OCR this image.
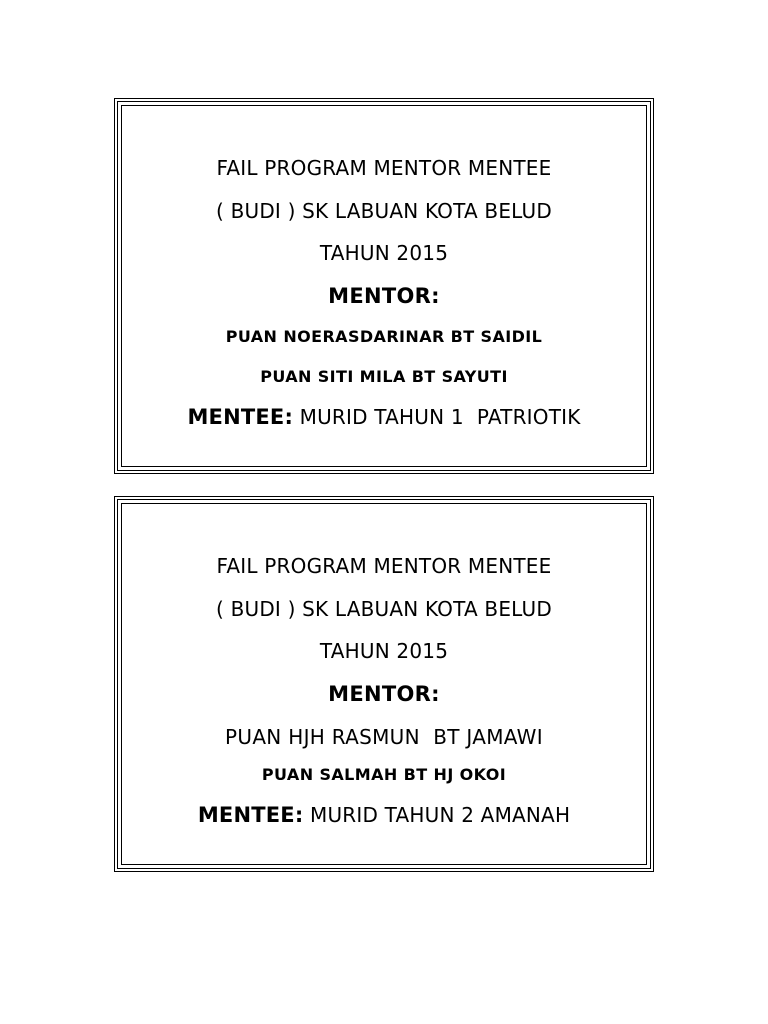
FAIL PROGRAM MENTOR MENTEE
( BUDI ) SK LABUAN KOTA BELUD
TAHUN 2015
MENTOR:
PUAN NOERASDARINAR BT SAIDIL
PUAN SITI MILA BT SAYUTI
MENTEE: MURID TAHUN 1  PATRIOTIK
FAIL PROGRAM MENTOR MENTEE
( BUDI ) SK LABUAN KOTA BELUD
TAHUN 2015
MENTOR:
PUAN HJH RASMUN  BT JAMAWI
PUAN SALMAH BT HJ OKOI
MENTEE: MURID TAHUN 2 AMANAH
